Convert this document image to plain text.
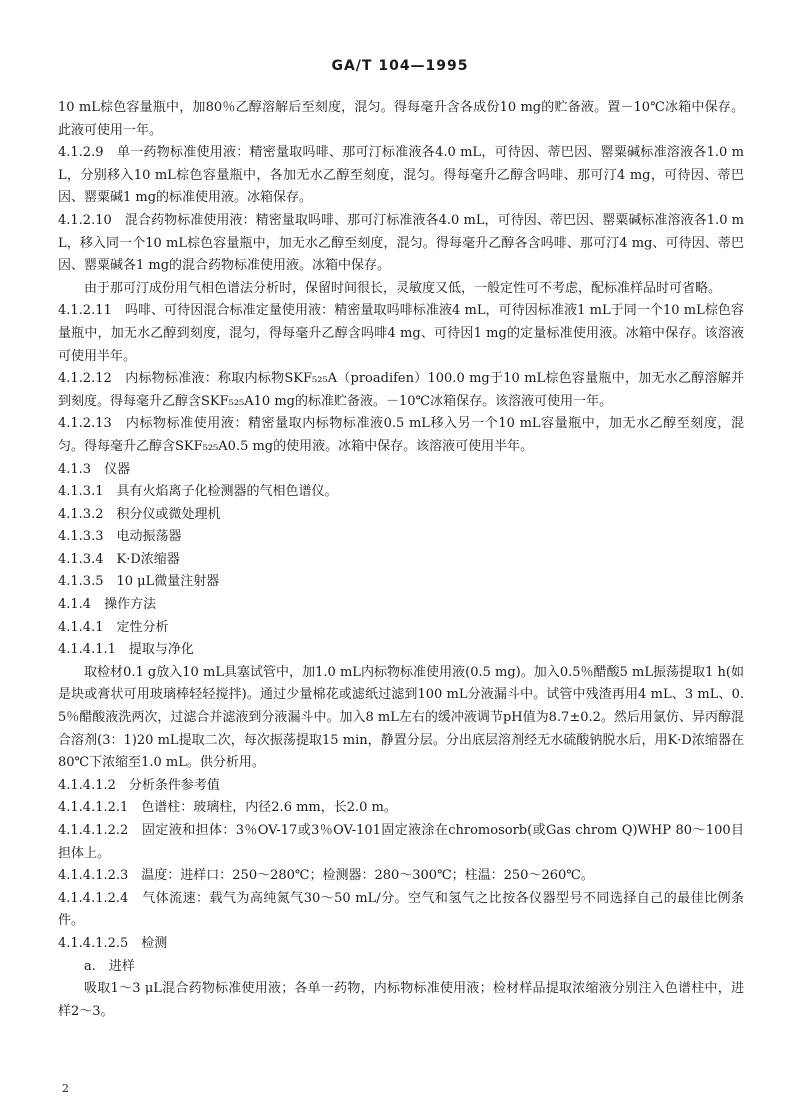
GA/T 104—1995

10 mL棕色容量瓶中，加80％乙醇溶解后至刻度，混匀。得每毫升含各成份10 mg的贮备液。置－10℃冰箱中保存。此液可使用一年。

4.1.2.9　单一药物标准使用液：精密量取吗啡、那可汀标准液各4.0 mL，可待因、蒂巴因、罂粟碱标准溶液各1.0 mL，分别移入10 mL棕色容量瓶中，各加无水乙醇至刻度，混匀。得每毫升乙醇含吗啡、那可汀4 mg，可待因、蒂巴因、罂粟碱1 mg的标准使用液。冰箱保存。

4.1.2.10　混合药物标准使用液：精密量取吗啡、那可汀标准液各4.0 mL，可待因、蒂巴因、罂粟碱标准溶液各1.0 mL，移入同一个10 mL棕色容量瓶中，加无水乙醇至刻度，混匀。得每毫升乙醇各含吗啡、那可汀4 mg、可待因、蒂巴因、罂粟碱各1 mg的混合药物标准使用液。冰箱中保存。

由于那可汀成份用气相色谱法分析时，保留时间很长，灵敏度又低，一般定性可不考虑，配标准样品时可省略。

4.1.2.11　吗啡、可待因混合标准定量使用液：精密量取吗啡标准液4 mL，可待因标准液1 mL于同一个10 mL棕色容量瓶中，加无水乙醇到刻度，混匀，得每毫升乙醇含吗啡4 mg、可待因1 mg的定量标准使用液。冰箱中保存。该溶液可使用半年。

4.1.2.12　内标物标准液：称取内标物SKF₅₂₅A（proadifen）100.0 mg于10 mL棕色容量瓶中，加无水乙醇溶解并到刻度。得每毫升乙醇含SKF₅₂₅A10 mg的标准贮备液。－10℃冰箱保存。该溶液可使用一年。

4.1.2.13　内标物标准使用液：精密量取内标物标准液0.5 mL移入另一个10 mL容量瓶中，加无水乙醇至刻度，混匀。得每毫升乙醇含SKF₅₂₅A0.5 mg的使用液。冰箱中保存。该溶液可使用半年。

4.1.3　仪器

4.1.3.1　具有火焰离子化检测器的气相色谱仪。

4.1.3.2　积分仪或微处理机

4.1.3.3　电动振荡器

4.1.3.4　K·D浓缩器

4.1.3.5　10 μL微量注射器

4.1.4　操作方法

4.1.4.1　定性分析

4.1.4.1.1　提取与净化

取检材0.1 g放入10 mL具塞试管中，加1.0 mL内标物标准使用液(0.5 mg)。加入0.5％醋酸5 mL振荡提取1 h(如是块或膏状可用玻璃棒轻轻搅拌)。通过少量棉花或滤纸过滤到100 mL分液漏斗中。试管中残渣再用4 mL、3 mL、0.5％醋酸液洗两次，过滤合并滤液到分液漏斗中。加入8 mL左右的缓冲液调节pH值为8.7±0.2。然后用氯仿、异丙醇混合溶剂(3：1)20 mL提取二次，每次振荡提取15 min，静置分层。分出底层溶剂经无水硫酸钠脱水后，用K·D浓缩器在80℃下浓缩至1.0 mL。供分析用。

4.1.4.1.2　分析条件参考值

4.1.4.1.2.1　色谱柱：玻璃柱，内径2.6 mm，长2.0 m。

4.1.4.1.2.2　固定液和担体：3％OV-17或3％OV-101固定液涂在chromosorb(或Gas chrom Q)WHP 80～100目担体上。

4.1.4.1.2.3　温度：进样口：250～280℃；检测器：280～300℃；柱温：250～260℃。

4.1.4.1.2.4　气体流速：载气为高纯氮气30～50 mL/分。空气和氢气之比按各仪器型号不同选择自己的最佳比例条件。

4.1.4.1.2.5　检测

a.　进样

吸取1～3 μL混合药物标准使用液；各单一药物，内标物标准使用液；检材样品提取浓缩液分别注入色谱柱中，进样2～3。

2
